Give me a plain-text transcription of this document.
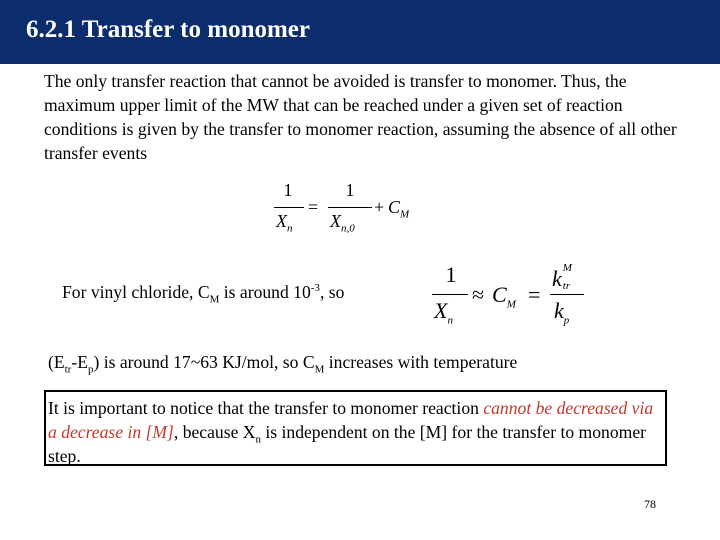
6.2.1 Transfer to monomer

The only transfer reaction that cannot be avoided is transfer to monomer. Thus, the maximum upper limit of the MW that can be reached under a given set of reaction conditions is given by the transfer to monomer reaction, assuming the absence of all other transfer events

1
$X_n$
=
1
$X_{n,0}$
+ $C_M$
For vinyl chloride, $C_M$ is around $10^{-3}$, so
1
$X_n$
≈ $C_M$ =
k M
tr
$k_p$
$(E_{tr}-E_p)$ is around 17~63 KJ/mol, so $C_M$ increases with temperature
It is important to notice that the transfer to monomer reaction cannot be decreased via a decrease in [M], because $X_n$ is independent on the [M] for the transfer to monomer step.
78
